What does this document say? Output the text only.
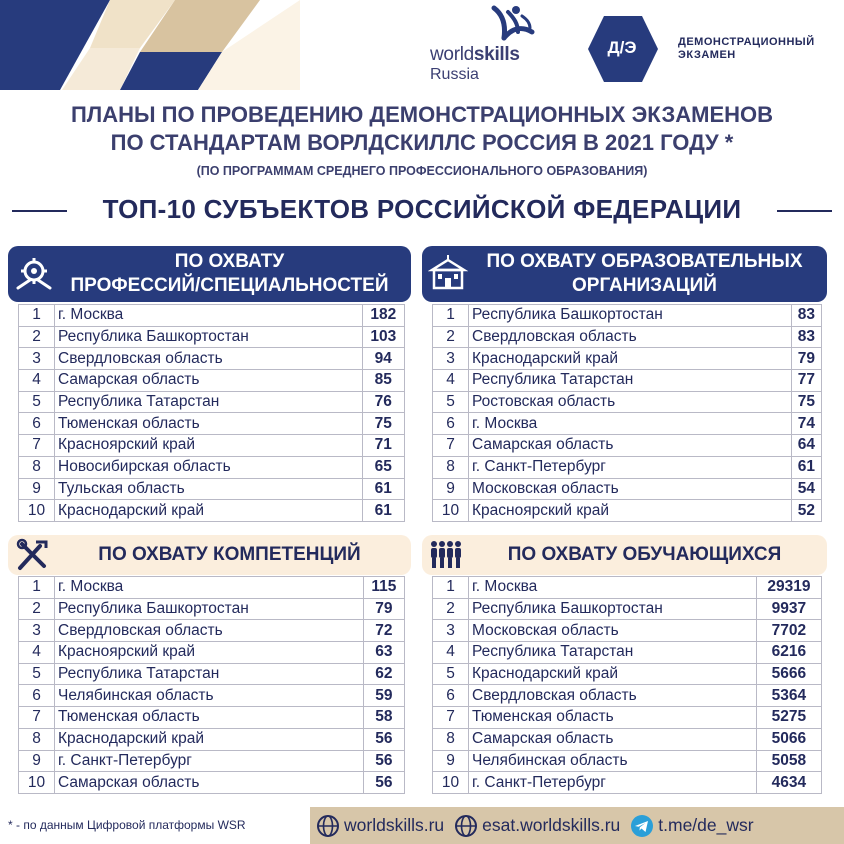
worldskills
Russia
Д/Э	ДЕМОНСТРАЦИОННЫЙ
ЭКЗАМЕН
ПЛАНЫ ПО ПРОВЕДЕНИЮ ДЕМОНСТРАЦИОННЫХ ЭКЗАМЕНОВ
ПО СТАНДАРТАМ ВОРЛДСКИЛЛС РОССИЯ В 2021 ГОДУ *
(ПО ПРОГРАММАМ СРЕДНЕГО ПРОФЕССИОНАЛЬНОГО ОБРАЗОВАНИЯ)
ТОП-10 СУБЪЕКТОВ РОССИЙСКОЙ ФЕДЕРАЦИИ
ПО ОХВАТУ
ПРОФЕССИЙ/СПЕЦИАЛЬНОСТЕЙ
1	г. Москва	182
2	Республика Башкортостан	103
3	Свердловская область	94
4	Самарская область	85
5	Республика Татарстан	76
6	Тюменская область	75
7	Красноярский край	71
8	Новосибирская область	65
9	Тульская область	61
10	Краснодарский край	61
ПО ОХВАТУ ОБРАЗОВАТЕЛЬНЫХ
ОРГАНИЗАЦИЙ
1	Республика Башкортостан	83
2	Свердловская область	83
3	Краснодарский край	79
4	Республика Татарстан	77
5	Ростовская область	75
6	г. Москва	74
7	Самарская область	64
8	г. Санкт-Петербург	61
9	Московская область	54
10	Красноярский край	52
ПО ОХВАТУ КОМПЕТЕНЦИЙ
1	г. Москва	115
2	Республика Башкортостан	79
3	Свердловская область	72
4	Красноярский край	63
5	Республика Татарстан	62
6	Челябинская область	59
7	Тюменская область	58
8	Краснодарский край	56
9	г. Санкт-Петербург	56
10	Самарская область	56
ПО ОХВАТУ ОБУЧАЮЩИХСЯ
1	г. Москва	29319
2	Республика Башкортостан	9937
3	Московская область	7702
4	Республика Татарстан	6216
5	Краснодарский край	5666
6	Свердловская область	5364
7	Тюменская область	5275
8	Самарская область	5066
9	Челябинская область	5058
10	г. Санкт-Петербург	4634
* - по данным Цифровой платформы WSR	worldskills.ru esat.worldskills.ru t.me/de_wsr
